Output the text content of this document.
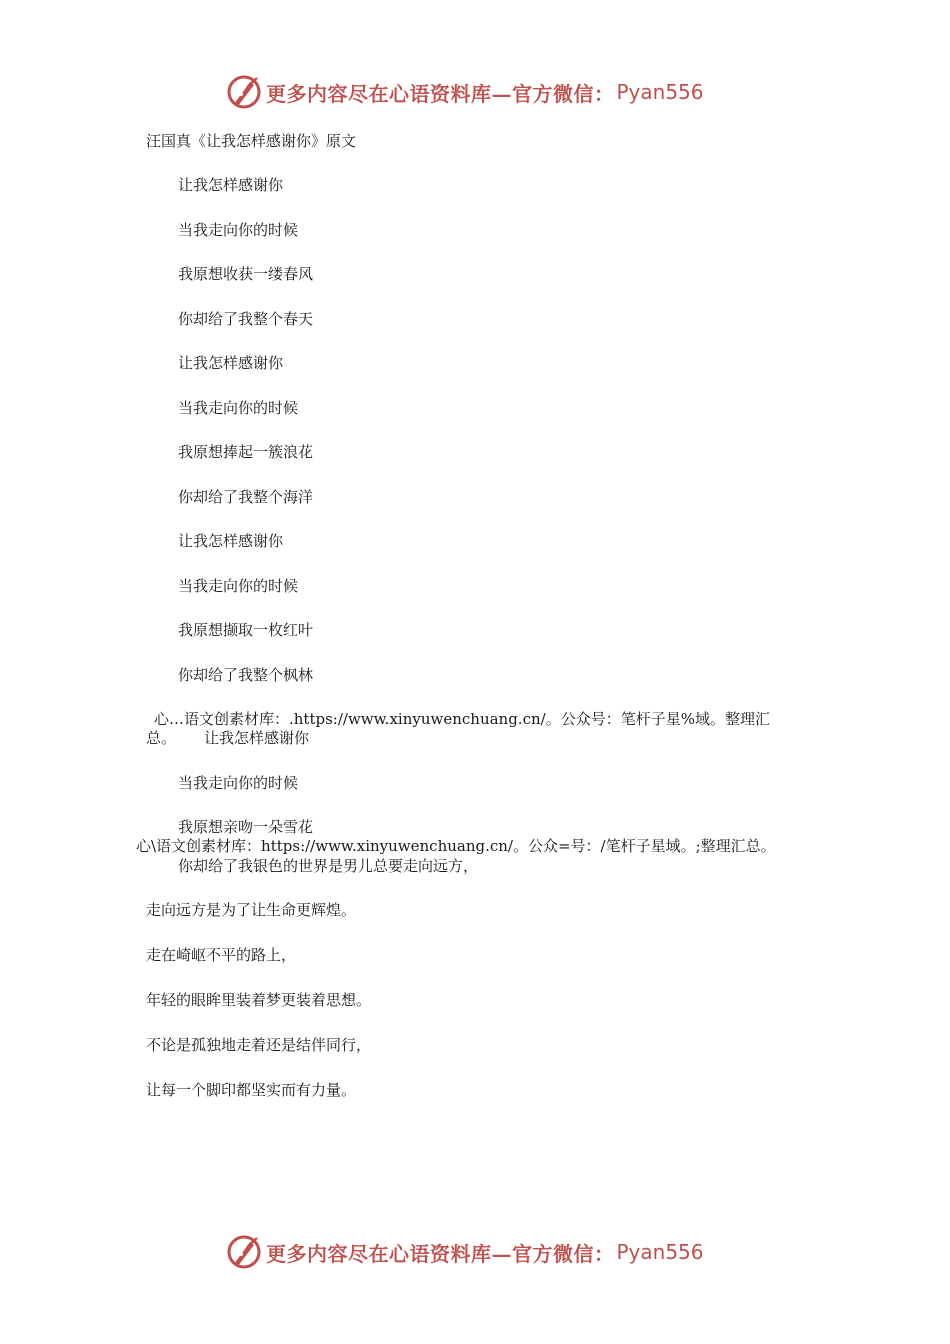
更多内容尽在心语资料库—官方微信： Pyan556
汪国真《让我怎样感谢你》原文
让我怎样感谢你
当我走向你的时候
我原想收获一缕春风
你却给了我整个春天
让我怎样感谢你
当我走向你的时候
我原想捧起一簇浪花
你却给了我整个海洋
让我怎样感谢你
当我走向你的时候
我原想撷取一枚红叶
你却给了我整个枫林
心…语文创素材库：.https://www.xinyuwenchuang.cn/。公众号：笔杆子星%域。整理汇
总。 让我怎样感谢你
当我走向你的时候
我原想亲吻一朵雪花
心\语文创素材库：https://www.xinyuwenchuang.cn/。公众=号：/笔杆子星域。;整理汇总。
你却给了我银色的世界是男儿总要走向远方，
走向远方是为了让生命更辉煌。
走在崎岖不平的路上，
年轻的眼眸里装着梦更装着思想。
不论是孤独地走着还是结伴同行，
让每一个脚印都坚实而有力量。
更多内容尽在心语资料库—官方微信： Pyan556
